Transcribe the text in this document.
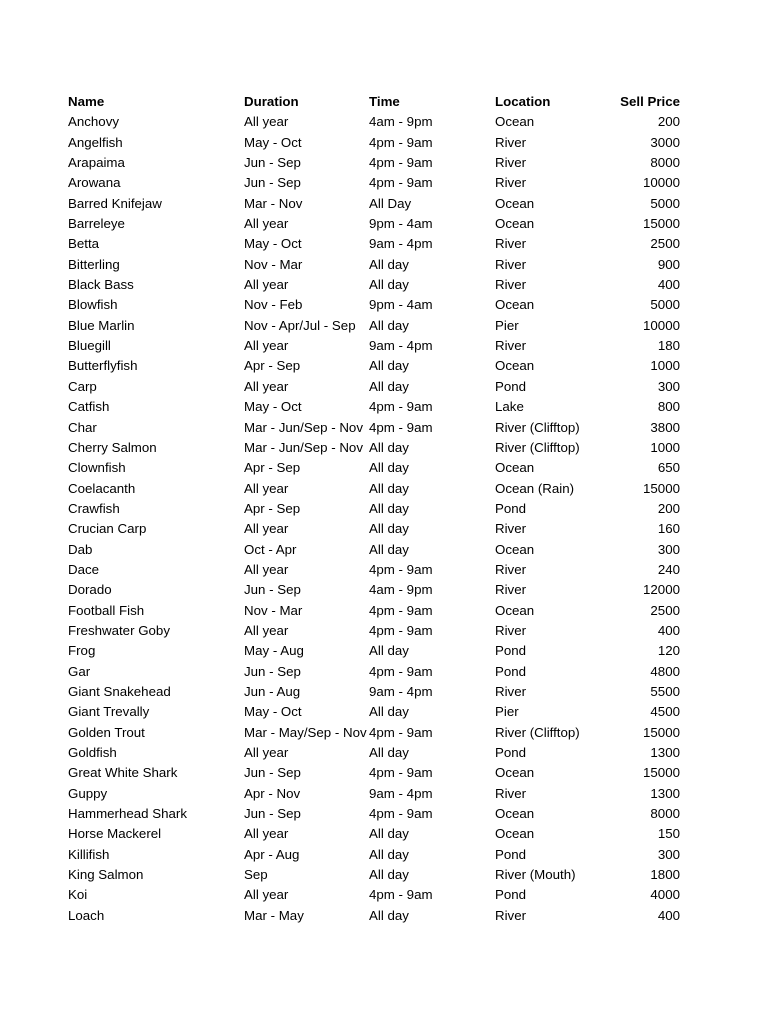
Name	Duration	Time	Location	Sell Price
Anchovy	All year	4am - 9pm	Ocean	200
Angelfish	May - Oct	4pm - 9am	River	3000
Arapaima	Jun - Sep	4pm - 9am	River	8000
Arowana	Jun - Sep	4pm - 9am	River	10000
Barred Knifejaw	Mar - Nov	All Day	Ocean	5000
Barreleye	All year	9pm - 4am	Ocean	15000
Betta	May - Oct	9am - 4pm	River	2500
Bitterling	Nov - Mar	All day	River	900
Black Bass	All year	All day	River	400
Blowfish	Nov - Feb	9pm - 4am	Ocean	5000
Blue Marlin	Nov - Apr/Jul - Sep	All day	Pier	10000
Bluegill	All year	9am - 4pm	River	180
Butterflyfish	Apr - Sep	All day	Ocean	1000
Carp	All year	All day	Pond	300
Catfish	May - Oct	4pm - 9am	Lake	800
Char	Mar - Jun/Sep - Nov	4pm - 9am	River (Clifftop)	3800
Cherry Salmon	Mar - Jun/Sep - Nov	All day	River (Clifftop)	1000
Clownfish	Apr - Sep	All day	Ocean	650
Coelacanth	All year	All day	Ocean (Rain)	15000
Crawfish	Apr - Sep	All day	Pond	200
Crucian Carp	All year	All day	River	160
Dab	Oct - Apr	All day	Ocean	300
Dace	All year	4pm - 9am	River	240
Dorado	Jun - Sep	4am - 9pm	River	12000
Football Fish	Nov - Mar	4pm - 9am	Ocean	2500
Freshwater Goby	All year	4pm - 9am	River	400
Frog	May - Aug	All day	Pond	120
Gar	Jun - Sep	4pm - 9am	Pond	4800
Giant Snakehead	Jun - Aug	9am - 4pm	River	5500
Giant Trevally	May - Oct	All day	Pier	4500
Golden Trout	Mar - May/Sep - Nov	4pm - 9am	River (Clifftop)	15000
Goldfish	All year	All day	Pond	1300
Great White Shark	Jun - Sep	4pm - 9am	Ocean	15000
Guppy	Apr - Nov	9am - 4pm	River	1300
Hammerhead Shark	Jun - Sep	4pm - 9am	Ocean	8000
Horse Mackerel	All year	All day	Ocean	150
Killifish	Apr - Aug	All day	Pond	300
King Salmon	Sep	All day	River (Mouth)	1800
Koi	All year	4pm - 9am	Pond	4000
Loach	Mar - May	All day	River	400
